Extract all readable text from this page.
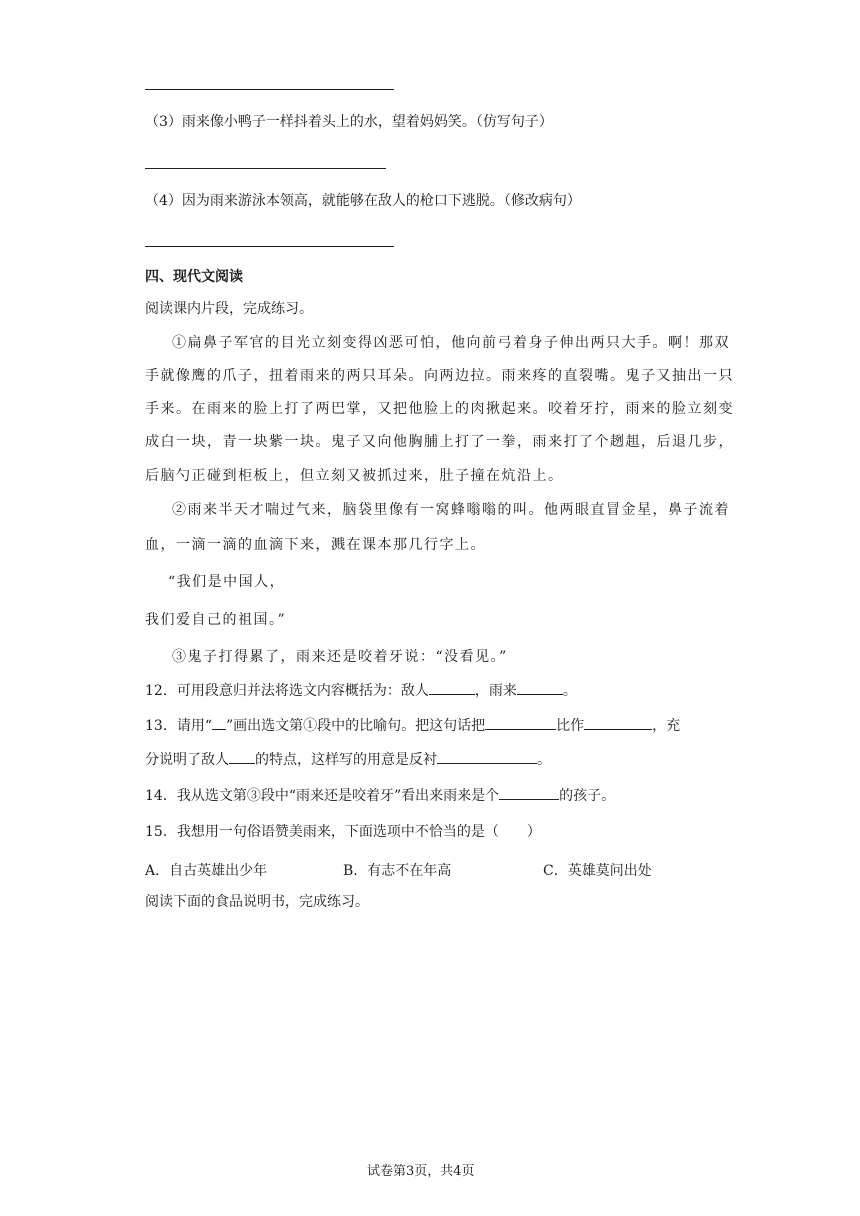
（3）雨来像小鸭子一样抖着头上的水，望着妈妈笑。（仿写句子）
（4）因为雨来游泳本领高，就能够在敌人的枪口下逃脱。（修改病句）
四、现代文阅读
阅读课内片段，完成练习。
①扁鼻子军官的目光立刻变得凶恶可怕，他向前弓着身子伸出两只大手。啊！那双
手就像鹰的爪子，扭着雨来的两只耳朵。向两边拉。雨来疼的直裂嘴。鬼子又抽出一只
手来。在雨来的脸上打了两巴掌，又把他脸上的肉揪起来。咬着牙拧，雨来的脸立刻变
成白一块，青一块紫一块。鬼子又向他胸脯上打了一拳，雨来打了个趔趄，后退几步，
后脑勺正碰到柜板上，但立刻又被抓过来，肚子撞在炕沿上。
②雨来半天才喘过气来，脑袋里像有一窝蜂嗡嗡的叫。他两眼直冒金星，鼻子流着
血，一滴一滴的血滴下来，溅在课本那几行字上。
“我们是中国人，
我们爱自己的祖国。”
③鬼子打得累了，雨来还是咬着牙说：“没看见。”
12．可用段意归并法将选文内容概括为：敌人	，雨来	。
13．请用“ ”画出选文第①段中的比喻句。把这句话把	比作	，充
分说明了敌人 的特点，这样写的用意是反衬	。
14．我从选文第③段中“雨来还是咬着牙”看出来雨来是个	的孩子。
15．我想用一句俗语赞美雨来，下面选项中不恰当的是（　　）
A．自古英雄出少年	B．有志不在年高	C．英雄莫问出处
阅读下面的食品说明书，完成练习。
试卷第3页，共4页
